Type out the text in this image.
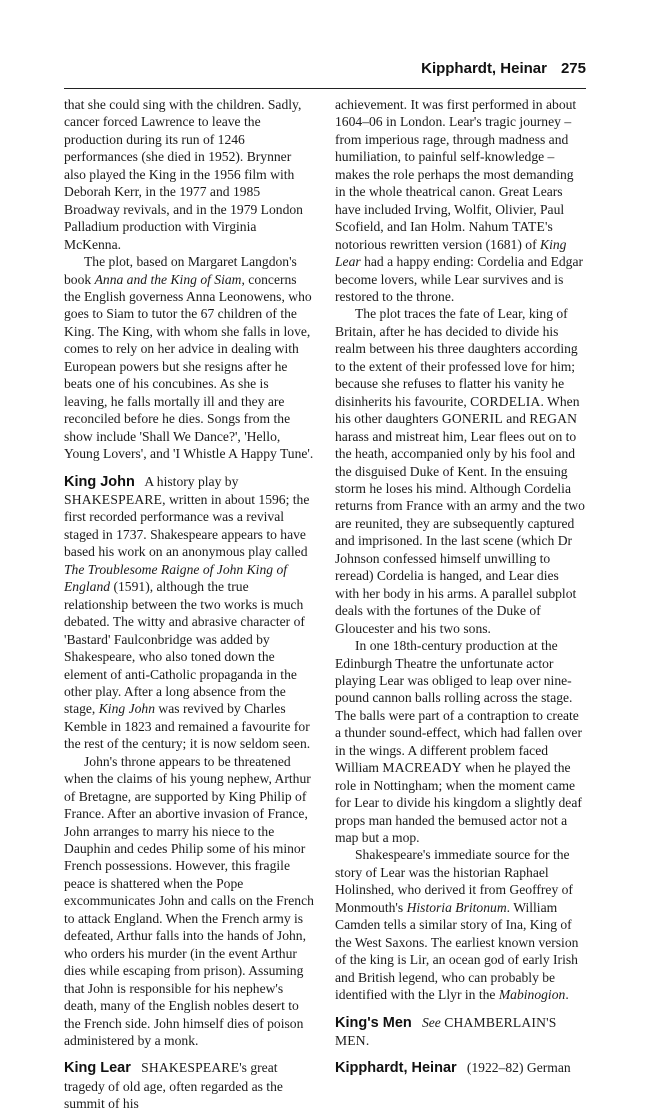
Kipphardt, Heinar 275

that she could sing with the children. Sadly, cancer forced Lawrence to leave the production during its run of 1246 performances (she died in 1952). Brynner also played the King in the 1956 film with Deborah Kerr, in the 1977 and 1985 Broadway revivals, and in the 1979 London Palladium production with Virginia McKenna.

The plot, based on Margaret Langdon's book Anna and the King of Siam, concerns the English governess Anna Leonowens, who goes to Siam to tutor the 67 children of the King. The King, with whom she falls in love, comes to rely on her advice in dealing with European powers but she resigns after he beats one of his concubines. As she is leaving, he falls mortally ill and they are reconciled before he dies. Songs from the show include 'Shall We Dance?', 'Hello, Young Lovers', and 'I Whistle A Happy Tune'.

King John A history play by SHAKESPEARE, written in about 1596; the first recorded performance was a revival staged in 1737. Shakespeare appears to have based his work on an anonymous play called The Troublesome Raigne of John King of England (1591), although the true relationship between the two works is much debated. The witty and abrasive character of 'Bastard' Faulconbridge was added by Shakespeare, who also toned down the element of anti-Catholic propaganda in the other play. After a long absence from the stage, King John was revived by Charles Kemble in 1823 and remained a favourite for the rest of the century; it is now seldom seen.

John's throne appears to be threatened when the claims of his young nephew, Arthur of Bretagne, are supported by King Philip of France. After an abortive invasion of France, John arranges to marry his niece to the Dauphin and cedes Philip some of his minor French possessions. However, this fragile peace is shattered when the Pope excommunicates John and calls on the French to attack England. When the French army is defeated, Arthur falls into the hands of John, who orders his murder (in the event Arthur dies while escaping from prison). Assuming that John is responsible for his nephew's death, many of the English nobles desert to the French side. John himself dies of poison administered by a monk.

King Lear SHAKESPEARE's great tragedy of old age, often regarded as the summit of his

achievement. It was first performed in about 1604–06 in London. Lear's tragic journey – from imperious rage, through madness and humiliation, to painful self-knowledge – makes the role perhaps the most demanding in the whole theatrical canon. Great Lears have included Irving, Wolfit, Olivier, Paul Scofield, and Ian Holm. Nahum TATE's notorious rewritten version (1681) of King Lear had a happy ending: Cordelia and Edgar become lovers, while Lear survives and is restored to the throne.

The plot traces the fate of Lear, king of Britain, after he has decided to divide his realm between his three daughters according to the extent of their professed love for him; because she refuses to flatter his vanity he disinherits his favourite, CORDELIA. When his other daughters GONERIL and REGAN harass and mistreat him, Lear flees out on to the heath, accompanied only by his fool and the disguised Duke of Kent. In the ensuing storm he loses his mind. Although Cordelia returns from France with an army and the two are reunited, they are subsequently captured and imprisoned. In the last scene (which Dr Johnson confessed himself unwilling to reread) Cordelia is hanged, and Lear dies with her body in his arms. A parallel subplot deals with the fortunes of the Duke of Gloucester and his two sons.

In one 18th-century production at the Edinburgh Theatre the unfortunate actor playing Lear was obliged to leap over nine-pound cannon balls rolling across the stage. The balls were part of a contraption to create a thunder sound-effect, which had fallen over in the wings. A different problem faced William MACREADY when he played the role in Nottingham; when the moment came for Lear to divide his kingdom a slightly deaf props man handed the bemused actor not a map but a mop.

Shakespeare's immediate source for the story of Lear was the historian Raphael Holinshed, who derived it from Geoffrey of Monmouth's Historia Britonum. William Camden tells a similar story of Ina, King of the West Saxons. The earliest known version of the king is Lir, an ocean god of early Irish and British legend, who can probably be identified with the Llyr in the Mabinogion.

King's Men See CHAMBERLAIN'S MEN.

Kipphardt, Heinar (1922–82) German
